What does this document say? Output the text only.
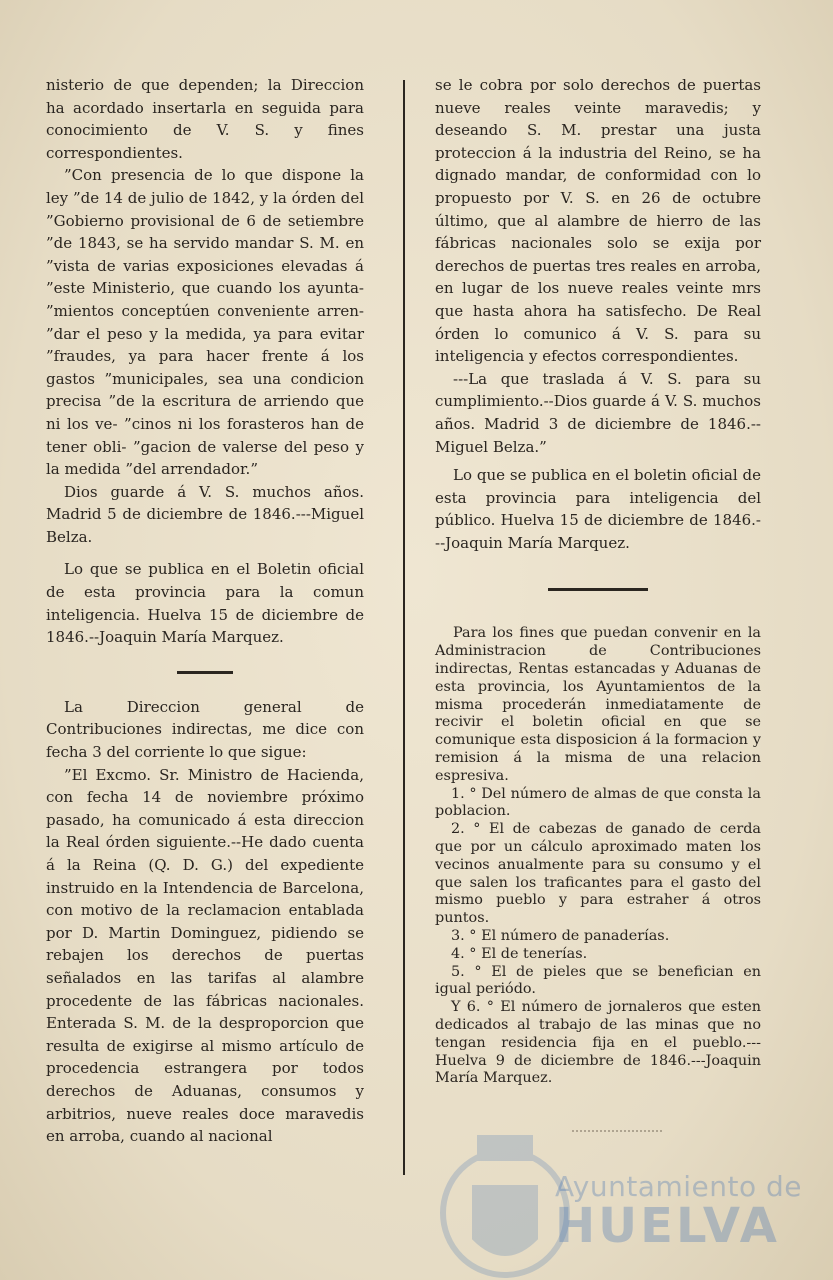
nisterio de que dependen; la Direccion ha acordado insertarla en seguida para conocimiento de V. S. y fines correspondientes.

”Con presencia de lo que dispone la ley ”de 14 de julio de 1842, y la órden del ”Gobierno provisional de 6 de setiembre ”de 1843, se ha servido mandar S. M. en ”vista de varias exposiciones elevadas á ”este Ministerio, que cuando los ayunta- ”mientos conceptúen conveniente arren- ”dar el peso y la medida, ya para evitar ”fraudes, ya para hacer frente á los gastos ”municipales, sea una condicion precisa ”de la escritura de arriendo que ni los ve- ”cinos ni los forasteros han de tener obli- ”gacion de valerse del peso y la medida ”del arrendador.”

Dios guarde á V. S. muchos años. Madrid 5 de diciembre de 1846.---Miguel Belza.

Lo que se publica en el Boletin oficial de esta provincia para la comun inteligencia. Huelva 15 de diciembre de 1846.--Joaquin María Marquez.

La Direccion general de Contribuciones indirectas, me dice con fecha 3 del corriente lo que sigue:

”El Excmo. Sr. Ministro de Hacienda, con fecha 14 de noviembre próximo pasado, ha comunicado á esta direccion la Real órden siguiente.--He dado cuenta á la Reina (Q. D. G.) del expediente instruido en la Intendencia de Barcelona, con motivo de la reclamacion entablada por D. Martin Dominguez, pidiendo se rebajen los derechos de puertas señalados en las tarifas al alambre procedente de las fábricas nacionales. Enterada S. M. de la desproporcion que resulta de exigirse al mismo artículo de procedencia estrangera por todos derechos de Aduanas, consumos y arbitrios, nueve reales doce maravedis en arroba, cuando al nacional

se le cobra por solo derechos de puertas nueve reales veinte maravedis; y deseando S. M. prestar una justa proteccion á la industria del Reino, se ha dignado mandar, de conformidad con lo propuesto por V. S. en 26 de octubre último, que al alambre de hierro de las fábricas nacionales solo se exija por derechos de puertas tres reales en arroba, en lugar de los nueve reales veinte mrs que hasta ahora ha satisfecho. De Real órden lo comunico á V. S. para su inteligencia y efectos correspondientes.

---La que traslada á V. S. para su cumplimiento.--Dios guarde á V. S. muchos años. Madrid 3 de diciembre de 1846.--Miguel Belza.”

Lo que se publica en el boletin oficial de esta provincia para inteligencia del público. Huelva 15 de diciembre de 1846.---Joaquin María Marquez.

Para los fines que puedan convenir en la Administracion de Contribuciones indirectas, Rentas estancadas y Aduanas de esta provincia, los Ayuntamientos de la misma procederán inmediatamente de recivir el boletin oficial en que se comunique esta disposicion á la formacion y remision á la misma de una relacion espresiva.

1. ° Del número de almas de que consta la poblacion.

2. ° El de cabezas de ganado de cerda que por un cálculo aproximado maten los vecinos anualmente para su consumo y el que salen los traficantes para el gasto del mismo pueblo y para estraher á otros puntos.

3. ° El número de panaderías.

4. ° El de tenerías.

5. ° El de pieles que se benefician en igual periódo.

Y 6. ° El número de jornaleros que esten dedicados al trabajo de las minas que no tengan residencia fija en el pueblo.--- Huelva 9 de diciembre de 1846.---Joaquin María Marquez.

Ayuntamiento de
HUELVA
